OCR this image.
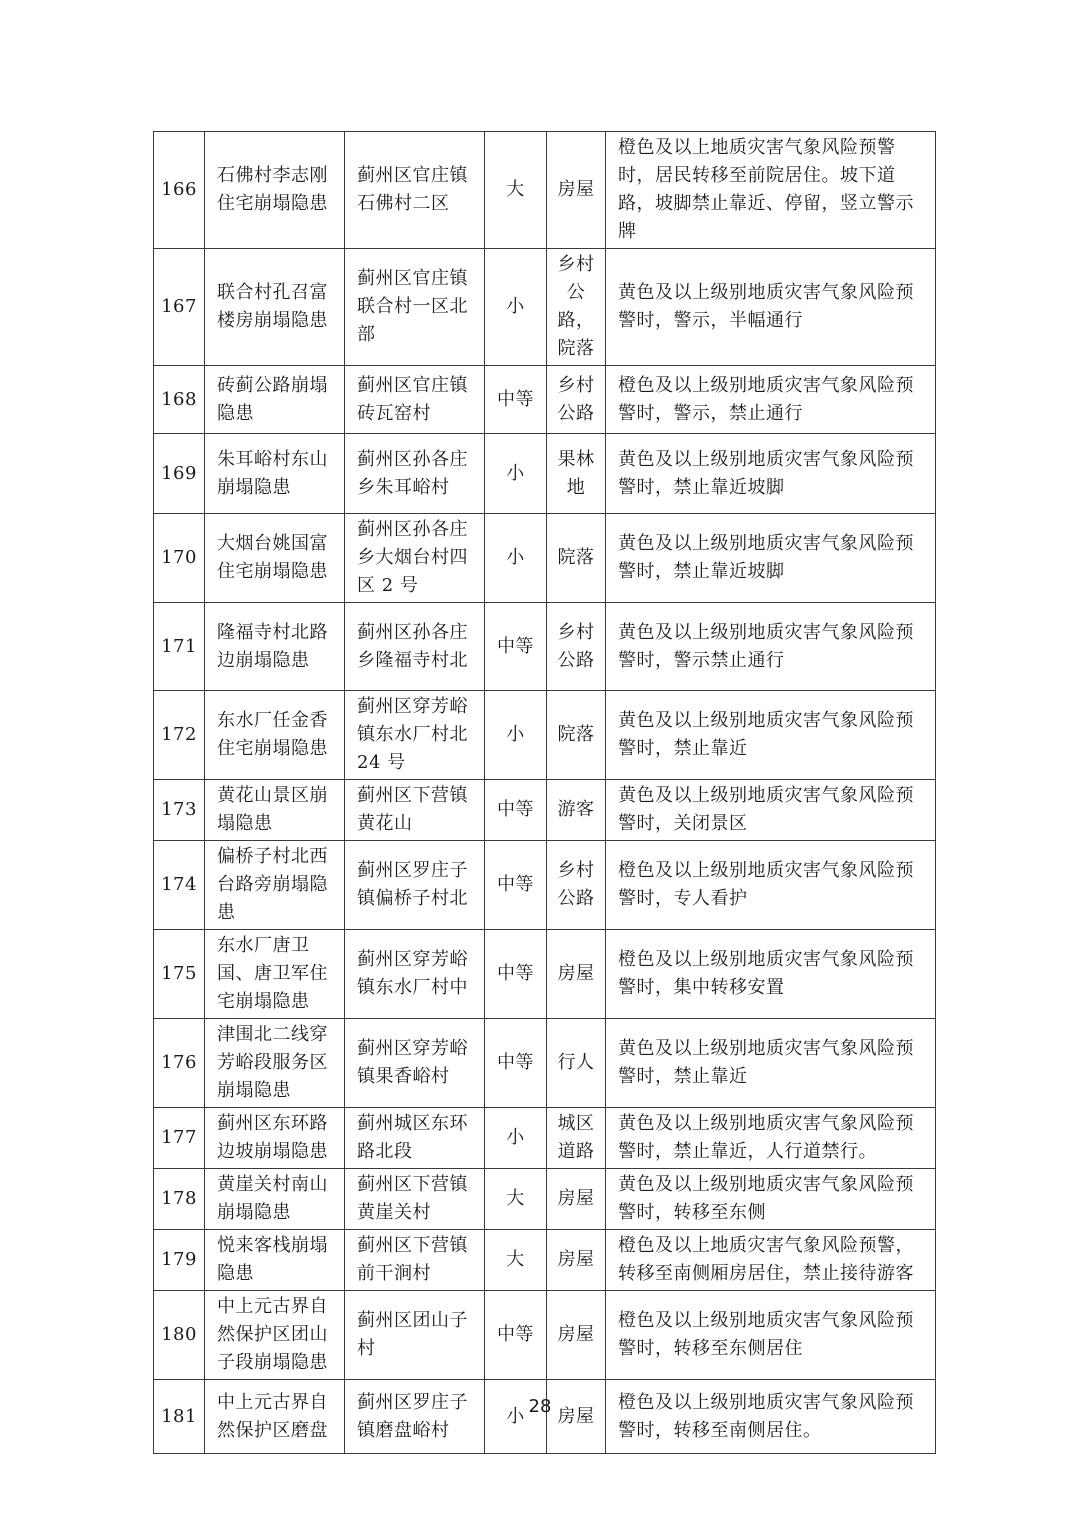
166	石佛村李志刚住宅崩塌隐患	蓟州区官庄镇石佛村二区	大	房屋	橙色及以上地质灾害气象风险预警时，居民转移至前院居住。坡下道路，坡脚禁止靠近、停留，竖立警示牌
167	联合村孔召富楼房崩塌隐患	蓟州区官庄镇联合村一区北部	小	乡村公路，院落	黄色及以上级别地质灾害气象风险预警时，警示，半幅通行
168	砖蓟公路崩塌隐患	蓟州区官庄镇砖瓦窑村	中等	乡村公路	橙色及以上级别地质灾害气象风险预警时，警示，禁止通行
169	朱耳峪村东山崩塌隐患	蓟州区孙各庄乡朱耳峪村	小	果林地	黄色及以上级别地质灾害气象风险预警时，禁止靠近坡脚
170	大烟台姚国富住宅崩塌隐患	蓟州区孙各庄乡大烟台村四区 2 号	小	院落	黄色及以上级别地质灾害气象风险预警时，禁止靠近坡脚
171	隆福寺村北路边崩塌隐患	蓟州区孙各庄乡隆福寺村北	中等	乡村公路	黄色及以上级别地质灾害气象风险预警时，警示禁止通行
172	东水厂任金香住宅崩塌隐患	蓟州区穿芳峪镇东水厂村北 24 号	小	院落	黄色及以上级别地质灾害气象风险预警时，禁止靠近
173	黄花山景区崩塌隐患	蓟州区下营镇黄花山	中等	游客	黄色及以上级别地质灾害气象风险预警时，关闭景区
174	偏桥子村北西台路旁崩塌隐患	蓟州区罗庄子镇偏桥子村北	中等	乡村公路	橙色及以上级别地质灾害气象风险预警时，专人看护
175	东水厂唐卫国、唐卫军住宅崩塌隐患	蓟州区穿芳峪镇东水厂村中	中等	房屋	橙色及以上级别地质灾害气象风险预警时，集中转移安置
176	津围北二线穿芳峪段服务区崩塌隐患	蓟州区穿芳峪镇果香峪村	中等	行人	黄色及以上级别地质灾害气象风险预警时，禁止靠近
177	蓟州区东环路边坡崩塌隐患	蓟州城区东环路北段	小	城区道路	黄色及以上级别地质灾害气象风险预警时，禁止靠近，人行道禁行。
178	黄崖关村南山崩塌隐患	蓟州区下营镇黄崖关村	大	房屋	黄色及以上级别地质灾害气象风险预警时，转移至东侧
179	悦来客栈崩塌隐患	蓟州区下营镇前干涧村	大	房屋	橙色及以上地质灾害气象风险预警，转移至南侧厢房居住，禁止接待游客
180	中上元古界自然保护区团山子段崩塌隐患	蓟州区团山子村	中等	房屋	橙色及以上级别地质灾害气象风险预警时，转移至东侧居住
181	中上元古界自然保护区磨盘	蓟州区罗庄子镇磨盘峪村	小	房屋	橙色及以上级别地质灾害气象风险预警时，转移至南侧居住。
28
